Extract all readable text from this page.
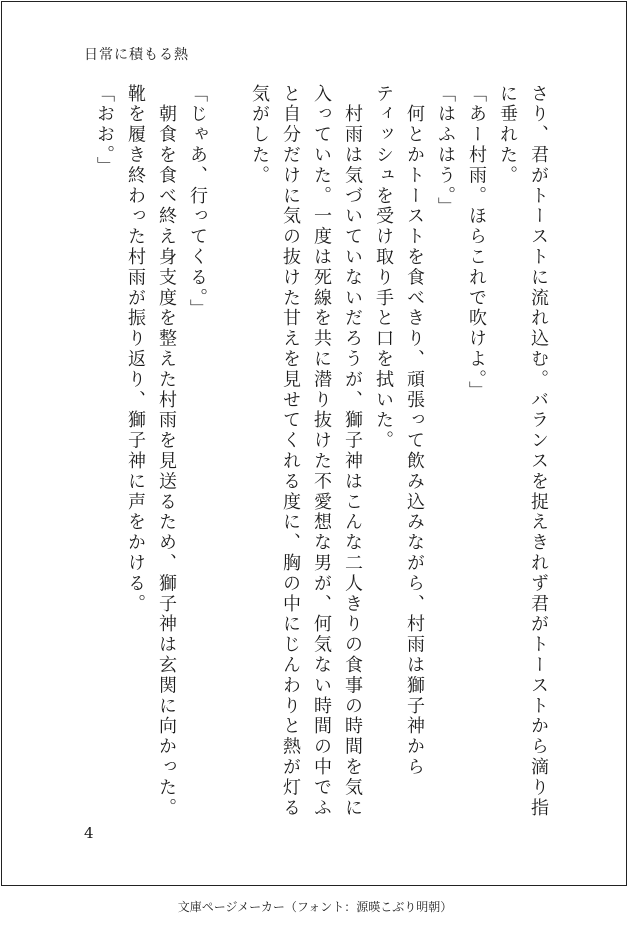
日常に積もる熱
さり、君がトーストに流れ込む。バランスを捉えきれず君がトーストから滴り指
に垂れた。
「あー村雨。ほらこれで吹けよ。」
「はふはう。」
　何とかトーストを食べきり、頑張って飲み込みながら、村雨は獅子神から
ティッシュを受け取り手と口を拭いた。
　村雨は気づいていないだろうが、獅子神はこんな二人きりの食事の時間を気に
入っていた。一度は死線を共に潜り抜けた不愛想な男が、何気ない時間の中でふ
と自分だけに気の抜けた甘えを見せてくれる度に、胸の中にじんわりと熱が灯る
気がした。
「じゃあ、行ってくる。」
　朝食を食べ終え身支度を整えた村雨を見送るため、獅子神は玄関に向かった。
靴を履き終わった村雨が振り返り、獅子神に声をかける。
「おお。」
4
文庫ページメーカー（フォント：源暎こぶり明朝）
